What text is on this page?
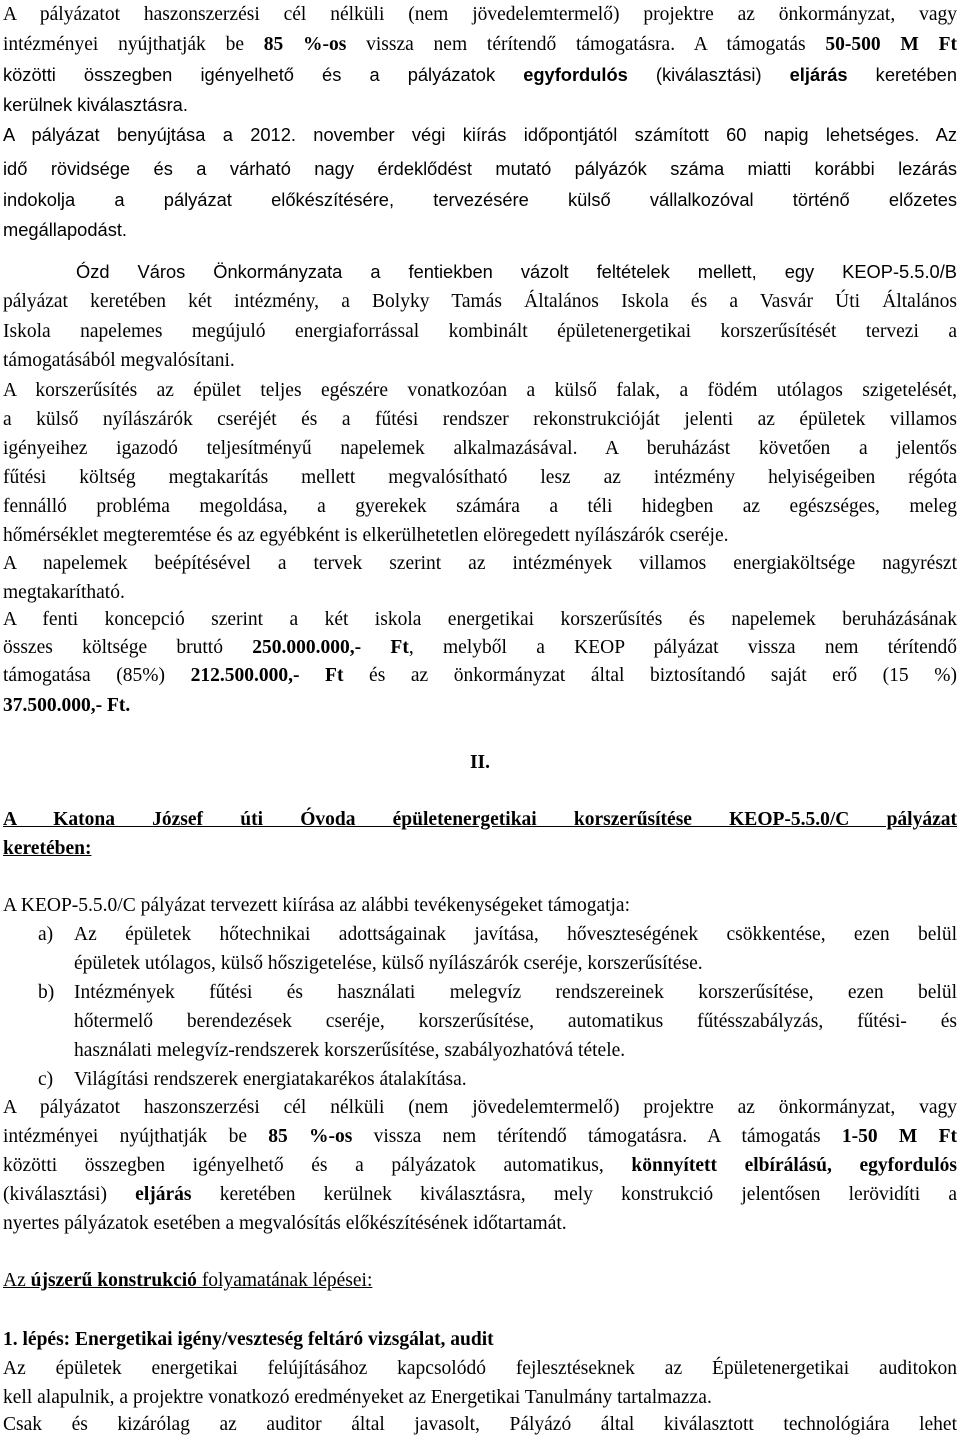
A pályázatot haszonszerzési cél nélküli (nem jövedelemtermelő) projektre az önkormányzat, vagy
intézményei nyújthatják be 85 %-os vissza nem térítendő támogatásra. A támogatás 50-500 M Ft
közötti összegben igényelhető és a pályázatok egyfordulós (kiválasztási) eljárás keretében
kerülnek kiválasztásra.
A pályázat benyújtása a 2012. november végi kiírás időpontjától számított 60 napig lehetséges. Az
idő rövidsége és a várható nagy érdeklődést mutató pályázók száma miatti korábbi lezárás
indokolja a pályázat előkészítésére, tervezésére külső vállalkozóval történő előzetes
megállapodást.
Ózd Város Önkormányzata a fentiekben vázolt feltételek mellett, egy KEOP-5.5.0/B
pályázat keretében két intézmény, a Bolyky Tamás Általános Iskola és a Vasvár Úti Általános
Iskola napelemes megújuló energiaforrással kombinált épületenergetikai korszerűsítését tervezi a
támogatásából megvalósítani.
A korszerűsítés az épület teljes egészére vonatkozóan a külső falak, a födém utólagos szigetelését,
a külső nyílászárók cseréjét és a fűtési rendszer rekonstrukcióját jelenti az épületek villamos
igényeihez igazodó teljesítményű napelemek alkalmazásával. A beruházást követően a jelentős
fűtési költség megtakarítás mellett megvalósítható lesz az intézmény helyiségeiben régóta
fennálló probléma megoldása, a gyerekek számára a téli hidegben az egészséges, meleg
hőmérséklet megteremtése és az egyébként is elkerülhetetlen elöregedett nyílászárók cseréje.
A napelemek beépítésével a tervek szerint az intézmények villamos energiaköltsége nagyrészt
megtakarítható.
A fenti koncepció szerint a két iskola energetikai korszerűsítés és napelemek beruházásának
összes költsége bruttó 250.000.000,- Ft, melyből a KEOP pályázat vissza nem térítendő
támogatása (85%) 212.500.000,- Ft és az önkormányzat által biztosítandó saját erő (15 %)
37.500.000,- Ft.
II.
A Katona József úti Óvoda épületenergetikai korszerűsítése KEOP-5.5.0/C pályázat
keretében:
A KEOP-5.5.0/C pályázat tervezett kiírása az alábbi tevékenységeket támogatja:
a) Az épületek hőtechnikai adottságainak javítása, hőveszteségének csökkentése, ezen belül
épületek utólagos, külső hőszigetelése, külső nyílászárók cseréje, korszerűsítése.
b) Intézmények fűtési és használati melegvíz rendszereinek korszerűsítése, ezen belül
hőtermelő berendezések cseréje, korszerűsítése, automatikus fűtésszabályzás, fűtési- és
használati melegvíz-rendszerek korszerűsítése, szabályozhatóvá tétele.
c) Világítási rendszerek energiatakarékos átalakítása.
A pályázatot haszonszerzési cél nélküli (nem jövedelemtermelő) projektre az önkormányzat, vagy
intézményei nyújthatják be 85 %-os vissza nem térítendő támogatásra. A támogatás 1-50 M Ft
közötti összegben igényelhető és a pályázatok automatikus, könnyített elbírálású, egyfordulós
(kiválasztási) eljárás keretében kerülnek kiválasztásra, mely konstrukció jelentősen lerövidíti a
nyertes pályázatok esetében a megvalósítás előkészítésének időtartamát.
Az újszerű konstrukció folyamatának lépései:
1. lépés: Energetikai igény/veszteség feltáró vizsgálat, audit
Az épületek energetikai felújításához kapcsolódó fejlesztéseknek az Épületenergetikai auditokon
kell alapulnik, a projektre vonatkozó eredményeket az Energetikai Tanulmány tartalmazza.
Csak és kizárólag az auditor által javasolt, Pályázó által kiválasztott technológiára lehet
